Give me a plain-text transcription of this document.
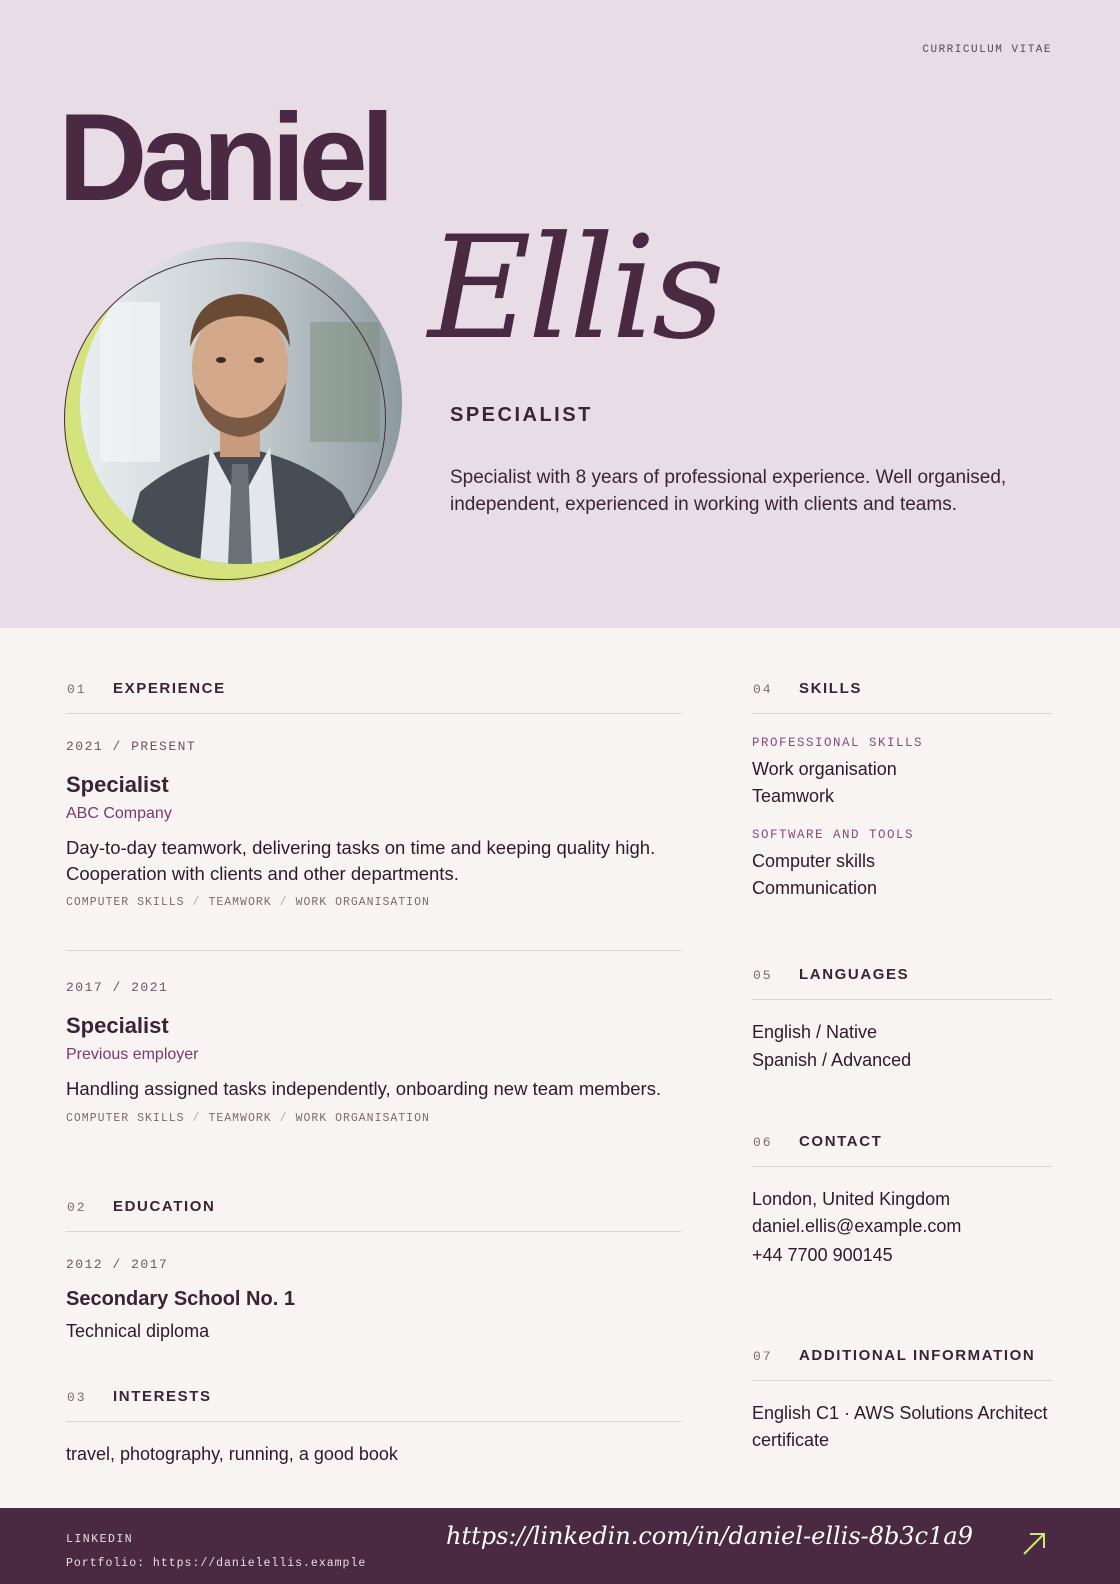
CURRICULUM VITAE
Daniel
Ellis
SPECIALIST
Specialist with 8 years of professional experience. Well organised, independent, experienced in working with clients and teams.
01 EXPERIENCE
2021 / PRESENT
Specialist
ABC Company
Day-to-day teamwork, delivering tasks on time and keeping quality high. Cooperation with clients and other departments.
COMPUTER SKILLS / TEAMWORK / WORK ORGANISATION
2017 / 2021
Specialist
Previous employer
Handling assigned tasks independently, onboarding new team members.
COMPUTER SKILLS / TEAMWORK / WORK ORGANISATION
02 EDUCATION
2012 / 2017
Secondary School No. 1
Technical diploma
03 INTERESTS
travel, photography, running, a good book
04 SKILLS
PROFESSIONAL SKILLS
Work organisation
Teamwork
SOFTWARE AND TOOLS
Computer skills
Communication
05 LANGUAGES
English / Native
Spanish / Advanced
06 CONTACT
London, United Kingdom
daniel.ellis@example.com
+44 7700 900145
07 ADDITIONAL INFORMATION
English C1 · AWS Solutions Architect certificate
LINKEDIN
Portfolio: https://danielellis.example
https://linkedin.com/in/daniel-ellis-8b3c1a9
